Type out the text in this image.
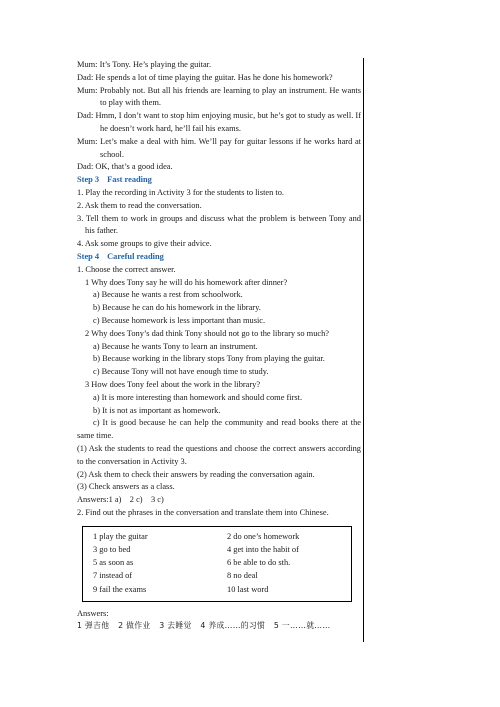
Mum: It’s Tony. He’s playing the guitar.

Dad: He spends a lot of time playing the guitar. Has he done his homework?

Mum: Probably not. But all his friends are learning to play an instrument. He wants to play with them.

Dad: Hmm, I don’t want to stop him enjoying music, but he’s got to study as well. If he doesn’t work hard, he’ll fail his exams.

Mum: Let’s make a deal with him. We’ll pay for guitar lessons if he works hard at school.

Dad: OK, that’s a good idea.

Step 3 Fast reading

1. Play the recording in Activity 3 for the students to listen to.

2. Ask them to read the conversation.

3. Tell them to work in groups and discuss what the problem is between Tony and his father.

4. Ask some groups to give their advice.

Step 4 Careful reading

1. Choose the correct answer.

1 Why does Tony say he will do his homework after dinner?

a) Because he wants a rest from schoolwork.

b) Because he can do his homework in the library.

c) Because homework is less important than music.

2 Why does Tony’s dad think Tony should not go to the library so much?

a) Because he wants Tony to learn an instrument.

b) Because working in the library stops Tony from playing the guitar.

c) Because Tony will not have enough time to study.

3 How does Tony feel about the work in the library?

a) It is more interesting than homework and should come first.

b) It is not as important as homework.

c) It is good because he can help the community and read books there at the same time.

(1) Ask the students to read the questions and choose the correct answers according to the conversation in Activity 3.

(2) Ask them to check their answers by reading the conversation again.

(3) Check answers as a class.

Answers:1 a)    2 c)    3 c)

2. Find out the phrases in the conversation and translate them into Chinese.

1 play the guitar	2 do one’s homework
3 go to bed	4 get into the habit of
5 as soon as	6 be able to do sth.
7 instead of	8 no deal
9 fail the exams	10 last word

Answers:

1 弹吉他 2 做作业 3 去睡觉 4 养成……的习惯 5 一……就……
